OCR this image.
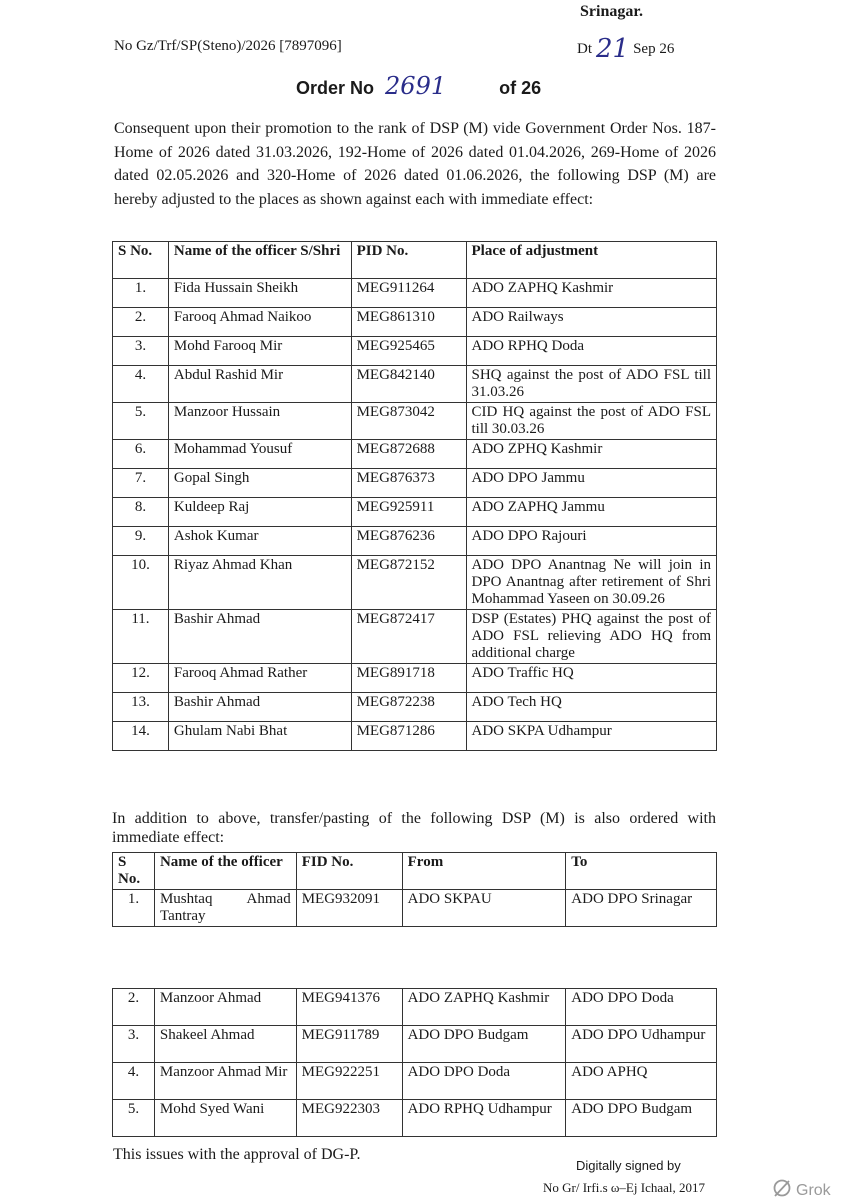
Srinagar.
No Gz/Trf/SP(Steno)/2026 [7897096]	Dt 21 Sep 26
Order No 2691	of 26

Consequent upon their promotion to the rank of DSP (M) vide Government Order Nos. 187-Home of 2026 dated 31.03.2026, 192-Home of 2026 dated 01.04.2026, 269-Home of 2026 dated 02.05.2026 and 320-Home of 2026 dated 01.06.2026, the following DSP (M) are hereby adjusted to the places as shown against each with immediate effect:

S No.	Name of the officer S/Shri	PID No.	Place of adjustment
1.	Fida Hussain Sheikh	MEG911264	ADO ZAPHQ Kashmir
2.	Farooq Ahmad Naikoo	MEG861310	ADO Railways
3.	Mohd Farooq Mir	MEG925465	ADO RPHQ Doda
4.	Abdul Rashid Mir	MEG842140	SHQ against the post of ADO FSL till 31.03.26
5.	Manzoor Hussain	MEG873042	CID HQ against the post of ADO FSL till 30.03.26
6.	Mohammad Yousuf	MEG872688	ADO ZPHQ Kashmir
7.	Gopal Singh	MEG876373	ADO DPO Jammu
8.	Kuldeep Raj	MEG925911	ADO ZAPHQ Jammu
9.	Ashok Kumar	MEG876236	ADO DPO Rajouri
10.	Riyaz Ahmad Khan	MEG872152	ADO DPO Anantnag Ne will join in DPO Anantnag after retirement of Shri Mohammad Yaseen on 30.09.26
11.	Bashir Ahmad	MEG872417	DSP (Estates) PHQ against the post of ADO FSL relieving ADO HQ from additional charge
12.	Farooq Ahmad Rather	MEG891718	ADO Traffic HQ
13.	Bashir Ahmad	MEG872238	ADO Tech HQ
14.	Ghulam Nabi Bhat	MEG871286	ADO SKPA Udhampur

In addition to above, transfer/pasting of the following DSP (M) is also ordered with immediate effect:

S No.	Name of the officer	FID No.	From	To
1.	Mushtaq Ahmad Tantray	MEG932091	ADO SKPAU	ADO DPO Srinagar
2.	Manzoor Ahmad	MEG941376	ADO ZAPHQ Kashmir	ADO DPO Doda
3.	Shakeel Ahmad	MEG911789	ADO DPO Budgam	ADO DPO Udhampur
4.	Manzoor Ahmad Mir	MEG922251	ADO DPO Doda	ADO APHQ
5.	Mohd Syed Wani	MEG922303	ADO RPHQ Udhampur	ADO DPO Budgam
This issues with the approval of DG-P.
Digitally signed by
No Gr/ Irfi.s ω–Ej Ichaal, 2017	Grok
